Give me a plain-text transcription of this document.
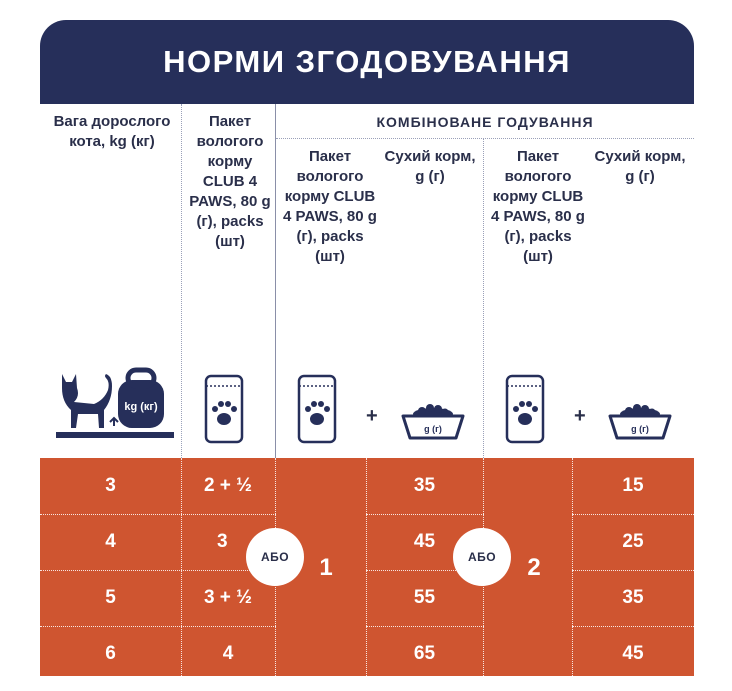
НОРМИ ЗГОДОВУВАННЯ
Вага дорослого кота, kg (кг)
Пакет вологого корму CLUB 4 PAWS, 80 g (г), packs (шт)
КОМБІНОВАНЕ ГОДУВАННЯ
Пакет вологого корму CLUB 4 PAWS, 80 g (г), packs (шт)
Сухий корм, g (г)
Пакет вологого корму CLUB 4 PAWS, 80 g (г), packs (шт)
Сухий корм, g (г)
kg (кг)	+	+
g (г)	g (г)
3	2 + ½	35	15
4	3	45	25
5	3 + ½	55	35
6	4	65	45
АБО	1	АБО	2
